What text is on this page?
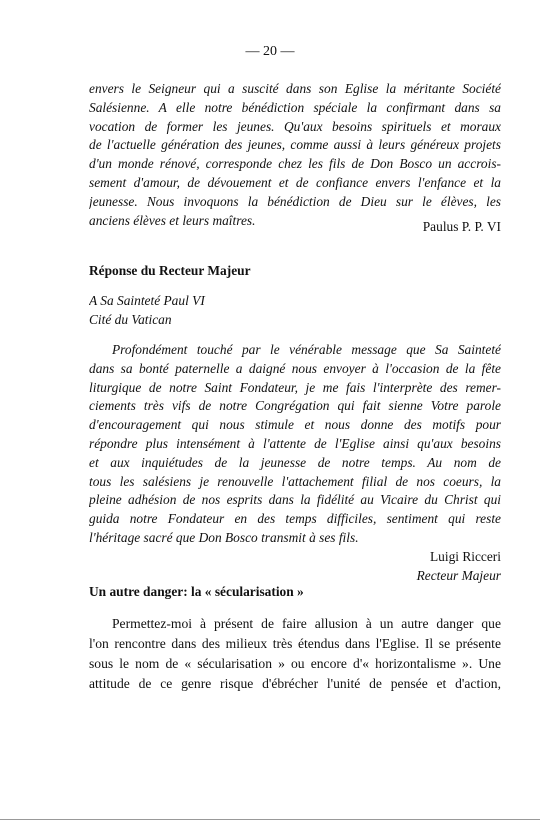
— 20 —
envers le Seigneur qui a suscité dans son Eglise la méritante Société
Salésienne. A elle notre bénédiction spéciale la confirmant dans sa
vocation de former les jeunes. Qu'aux besoins spirituels et moraux
de l'actuelle génération des jeunes, comme aussi à leurs généreux projets
d'un monde rénové, corresponde chez les fils de Don Bosco un accrois-
sement d'amour, de dévouement et de confiance envers l'enfance et la
jeunesse. Nous invoquons la bénédiction de Dieu sur le élèves, les
anciens élèves et leurs maîtres.	Paulus P. P. VI
Réponse du Recteur Majeur
A Sa Sainteté Paul VI
Cité du Vatican
Profondément touché par le vénérable message que Sa Sainteté
dans sa bonté paternelle a daigné nous envoyer à l'occasion de la fête
liturgique de notre Saint Fondateur, je me fais l'interprète des remer-
ciements très vifs de notre Congrégation qui fait sienne Votre parole
d'encouragement qui nous stimule et nous donne des motifs pour
répondre plus intensément à l'attente de l'Eglise ainsi qu'aux besoins
et aux inquiétudes de la jeunesse de notre temps. Au nom de
tous les salésiens je renouvelle l'attachement filial de nos coeurs, la
pleine adhésion de nos esprits dans la fidélité au Vicaire du Christ qui
guida notre Fondateur en des temps difficiles, sentiment qui reste
l'héritage sacré que Don Bosco transmit à ses fils.
Luigi Ricceri
Recteur Majeur
Un autre danger: la « sécularisation »
Permettez-moi à présent de faire allusion à un autre danger que
l'on rencontre dans des milieux très étendus dans l'Eglise. Il se présente
sous le nom de « sécularisation » ou encore d'« horizontalisme ». Une
attitude de ce genre risque d'ébrécher l'unité de pensée et d'action,
